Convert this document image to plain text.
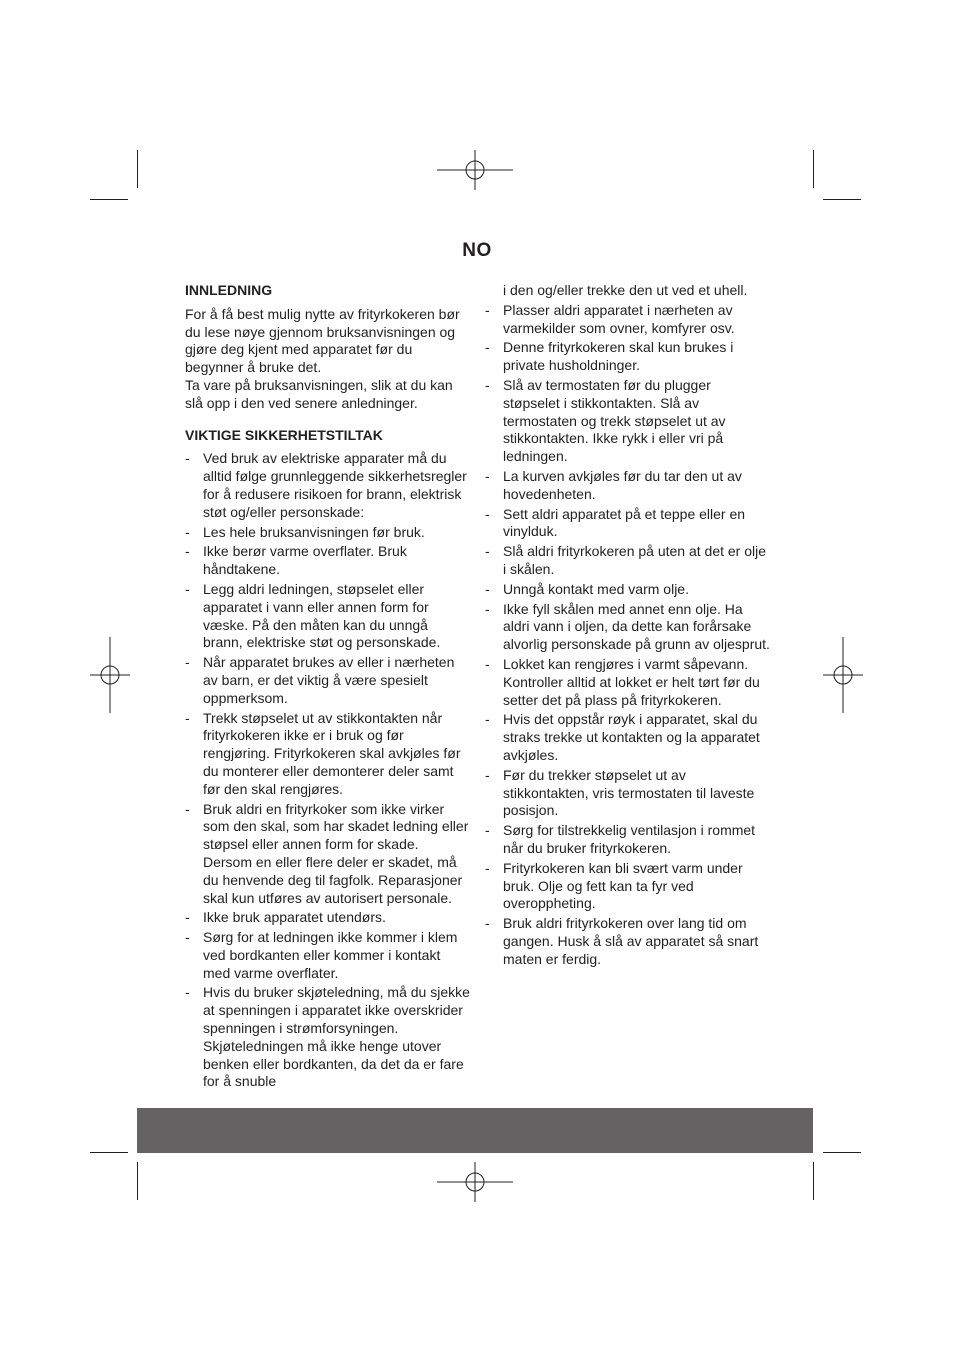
NO
INNLEDNING

For å få best mulig nytte av frityrkokeren bør du lese nøye gjennom bruksanvisningen og gjøre deg kjent med apparatet før du begynner å bruke det.

Ta vare på bruksanvisningen, slik at du kan slå opp i den ved senere anledninger.

VIKTIGE SIKKERHETSTILTAK
- Ved bruk av elektriske apparater må du alltid følge grunnleggende sikkerhetsregler for å redusere risikoen for brann, elektrisk støt og/eller personskade:
- Les hele bruksanvisningen før bruk.
- Ikke berør varme overflater. Bruk håndtakene.
- Legg aldri ledningen, støpselet eller apparatet i vann eller annen form for væske. På den måten kan du unngå brann, elektriske støt og personskade.
- Når apparatet brukes av eller i nærheten av barn, er det viktig å være spesielt oppmerksom.
- Trekk støpselet ut av stikkontakten når frityrkokeren ikke er i bruk og før rengjøring. Frityrkokeren skal avkjøles før du monterer eller demonterer deler samt før den skal rengjøres.
- Bruk aldri en frityrkoker som ikke virker som den skal, som har skadet ledning eller støpsel eller annen form for skade. Dersom en eller flere deler er skadet, må du henvende deg til fagfolk. Reparasjoner skal kun utføres av autorisert personale.
- Ikke bruk apparatet utendørs.
- Sørg for at ledningen ikke kommer i klem ved bordkanten eller kommer i kontakt med varme overflater.
- Hvis du bruker skjøteledning, må du sjekke at spenningen i apparatet ikke overskrider spenningen i strømforsyningen. Skjøteledningen må ikke henge utover benken eller bordkanten, da det da er fare for å snuble
i den og/eller trekke den ut ved et uhell.
- Plasser aldri apparatet i nærheten av varmekilder som ovner, komfyrer osv.
- Denne frityrkokeren skal kun brukes i private husholdninger.
- Slå av termostaten før du plugger støpselet i stikkontakten. Slå av termostaten og trekk støpselet ut av stikkontakten. Ikke rykk i eller vri på ledningen.
- La kurven avkjøles før du tar den ut av hovedenheten.
- Sett aldri apparatet på et teppe eller en vinylduk.
- Slå aldri frityrkokeren på uten at det er olje i skålen.
- Unngå kontakt med varm olje.
- Ikke fyll skålen med annet enn olje. Ha aldri vann i oljen, da dette kan forårsake alvorlig personskade på grunn av oljesprut.
- Lokket kan rengjøres i varmt såpevann. Kontroller alltid at lokket er helt tørt før du setter det på plass på frityrkokeren.
- Hvis det oppstår røyk i apparatet, skal du straks trekke ut kontakten og la apparatet avkjøles.
- Før du trekker støpselet ut av stikkontakten, vris termostaten til laveste posisjon.
- Sørg for tilstrekkelig ventilasjon i rommet når du bruker frityrkokeren.
- Frityrkokeren kan bli svært varm under bruk. Olje og fett kan ta fyr ved overoppheting.
- Bruk aldri frityrkokeren over lang tid om gangen. Husk å slå av apparatet så snart maten er ferdig.
